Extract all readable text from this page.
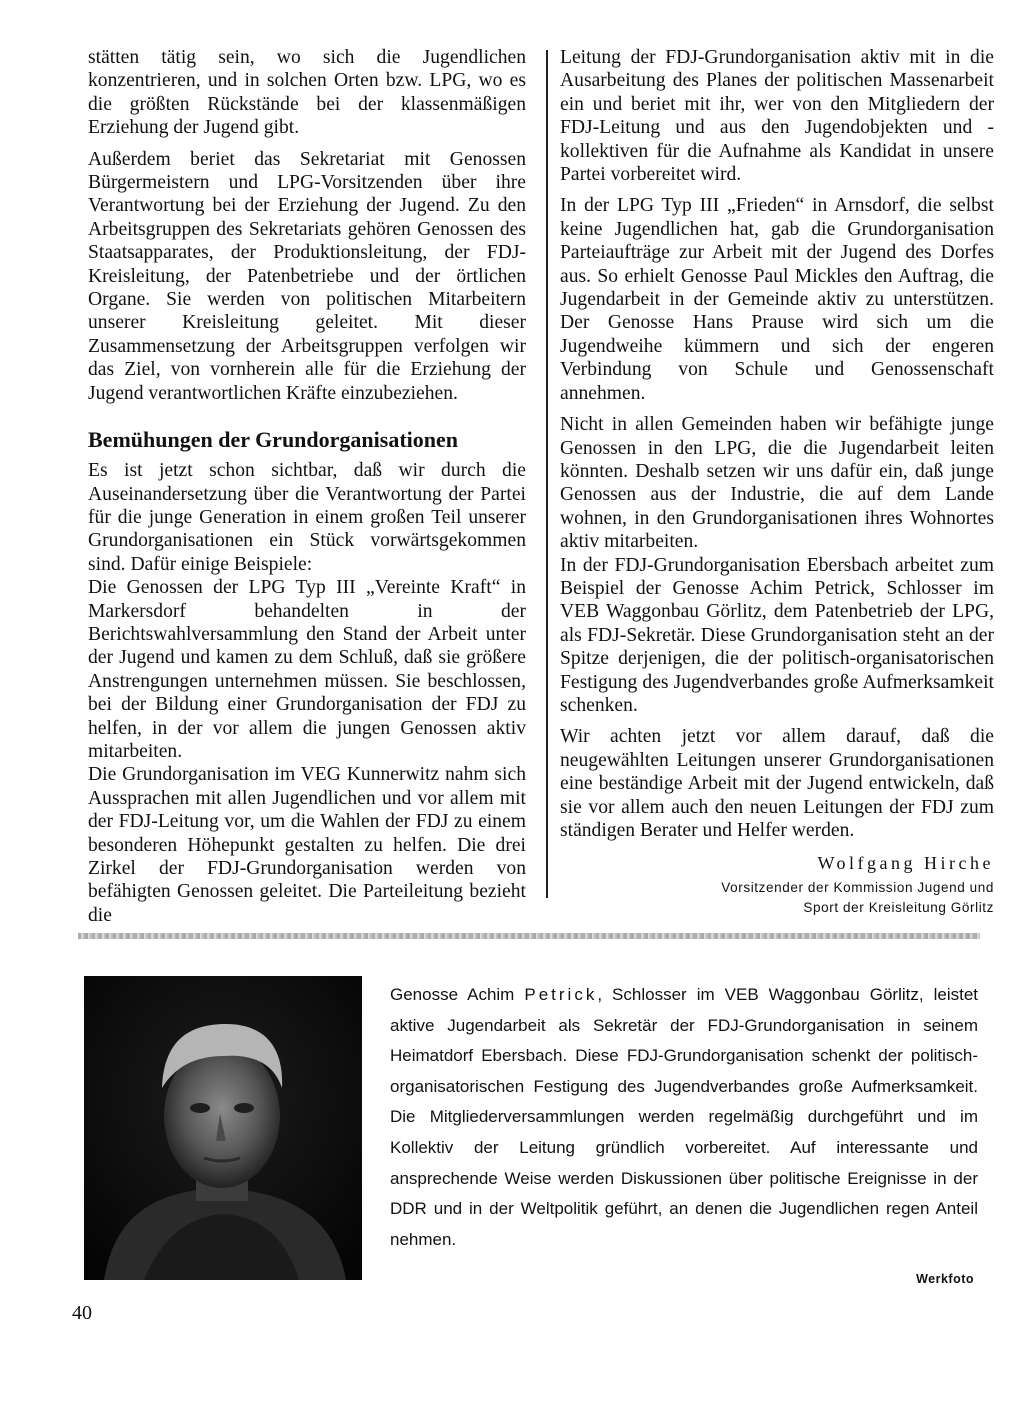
stätten tätig sein, wo sich die Jugendlichen konzentrieren, und in solchen Orten bzw. LPG, wo es die größten Rückstände bei der klassenmäßigen Erziehung der Jugend gibt.

Außerdem beriet das Sekretariat mit Genossen Bürgermeistern und LPG-Vorsitzenden über ihre Verantwortung bei der Erziehung der Jugend. Zu den Arbeitsgruppen des Sekretariats gehören Genossen des Staatsapparates, der Produktionsleitung, der FDJ-Kreisleitung, der Patenbetriebe und der örtlichen Organe. Sie werden von politischen Mitarbeitern unserer Kreisleitung geleitet. Mit dieser Zusammensetzung der Arbeitsgruppen verfolgen wir das Ziel, von vornherein alle für die Erziehung der Jugend verantwortlichen Kräfte einzubeziehen.

Bemühungen der Grundorganisationen

Es ist jetzt schon sichtbar, daß wir durch die Auseinandersetzung über die Verantwortung der Partei für die junge Generation in einem großen Teil unserer Grundorganisationen ein Stück vorwärtsgekommen sind. Dafür einige Beispiele:

Die Genossen der LPG Typ III „Vereinte Kraft“ in Markersdorf behandelten in der Berichtswahlversammlung den Stand der Arbeit unter der Jugend und kamen zu dem Schluß, daß sie größere Anstrengungen unternehmen müssen. Sie beschlossen, bei der Bildung einer Grundorganisation der FDJ zu helfen, in der vor allem die jungen Genossen aktiv mitarbeiten.

Die Grundorganisation im VEG Kunnerwitz nahm sich Aussprachen mit allen Jugendlichen und vor allem mit der FDJ-Leitung vor, um die Wahlen der FDJ zu einem besonderen Höhepunkt gestalten zu helfen. Die drei Zirkel der FDJ-Grundorganisation werden von befähigten Genossen geleitet. Die Parteileitung bezieht die

Leitung der FDJ-Grundorganisation aktiv mit in die Ausarbeitung des Planes der politischen Massenarbeit ein und beriet mit ihr, wer von den Mitgliedern der FDJ-Leitung und aus den Jugendobjekten und -kollektiven für die Aufnahme als Kandidat in unsere Partei vorbereitet wird.

In der LPG Typ III „Frieden“ in Arnsdorf, die selbst keine Jugendlichen hat, gab die Grundorganisation Parteiaufträge zur Arbeit mit der Jugend des Dorfes aus. So erhielt Genosse Paul Mickles den Auftrag, die Jugendarbeit in der Gemeinde aktiv zu unterstützen. Der Genosse Hans Prause wird sich um die Jugendweihe kümmern und sich der engeren Verbindung von Schule und Genossenschaft annehmen.

Nicht in allen Gemeinden haben wir befähigte junge Genossen in den LPG, die die Jugendarbeit leiten könnten. Deshalb setzen wir uns dafür ein, daß junge Genossen aus der Industrie, die auf dem Lande wohnen, in den Grundorganisationen ihres Wohnortes aktiv mitarbeiten.

In der FDJ-Grundorganisation Ebersbach arbeitet zum Beispiel der Genosse Achim Petrick, Schlosser im VEB Waggonbau Görlitz, dem Patenbetrieb der LPG, als FDJ-Sekretär. Diese Grundorganisation steht an der Spitze derjenigen, die der politisch-organisatorischen Festigung des Jugendverbandes große Aufmerksamkeit schenken.

Wir achten jetzt vor allem darauf, daß die neugewählten Leitungen unserer Grundorganisationen eine beständige Arbeit mit der Jugend entwickeln, daß sie vor allem auch den neuen Leitungen der FDJ zum ständigen Berater und Helfer werden.

Wolfgang Hirche
Vorsitzender der Kommission Jugend und
Sport der Kreisleitung Görlitz
Genosse Achim Petrick, Schlosser im VEB Waggonbau Görlitz, leistet aktive Jugendarbeit als Sekretär der FDJ-Grundorganisation in seinem Heimatdorf Ebersbach. Diese FDJ-Grundorganisation schenkt der politisch-organisatorischen Festigung des Jugendverbandes große Aufmerksamkeit. Die Mitgliederversammlungen werden regelmäßig durchgeführt und im Kollektiv der Leitung gründlich vorbereitet. Auf interessante und ansprechende Weise werden Diskussionen über politische Ereignisse in der DDR und in der Weltpolitik geführt, an denen die Jugendlichen regen Anteil nehmen.
Werkfoto
40
